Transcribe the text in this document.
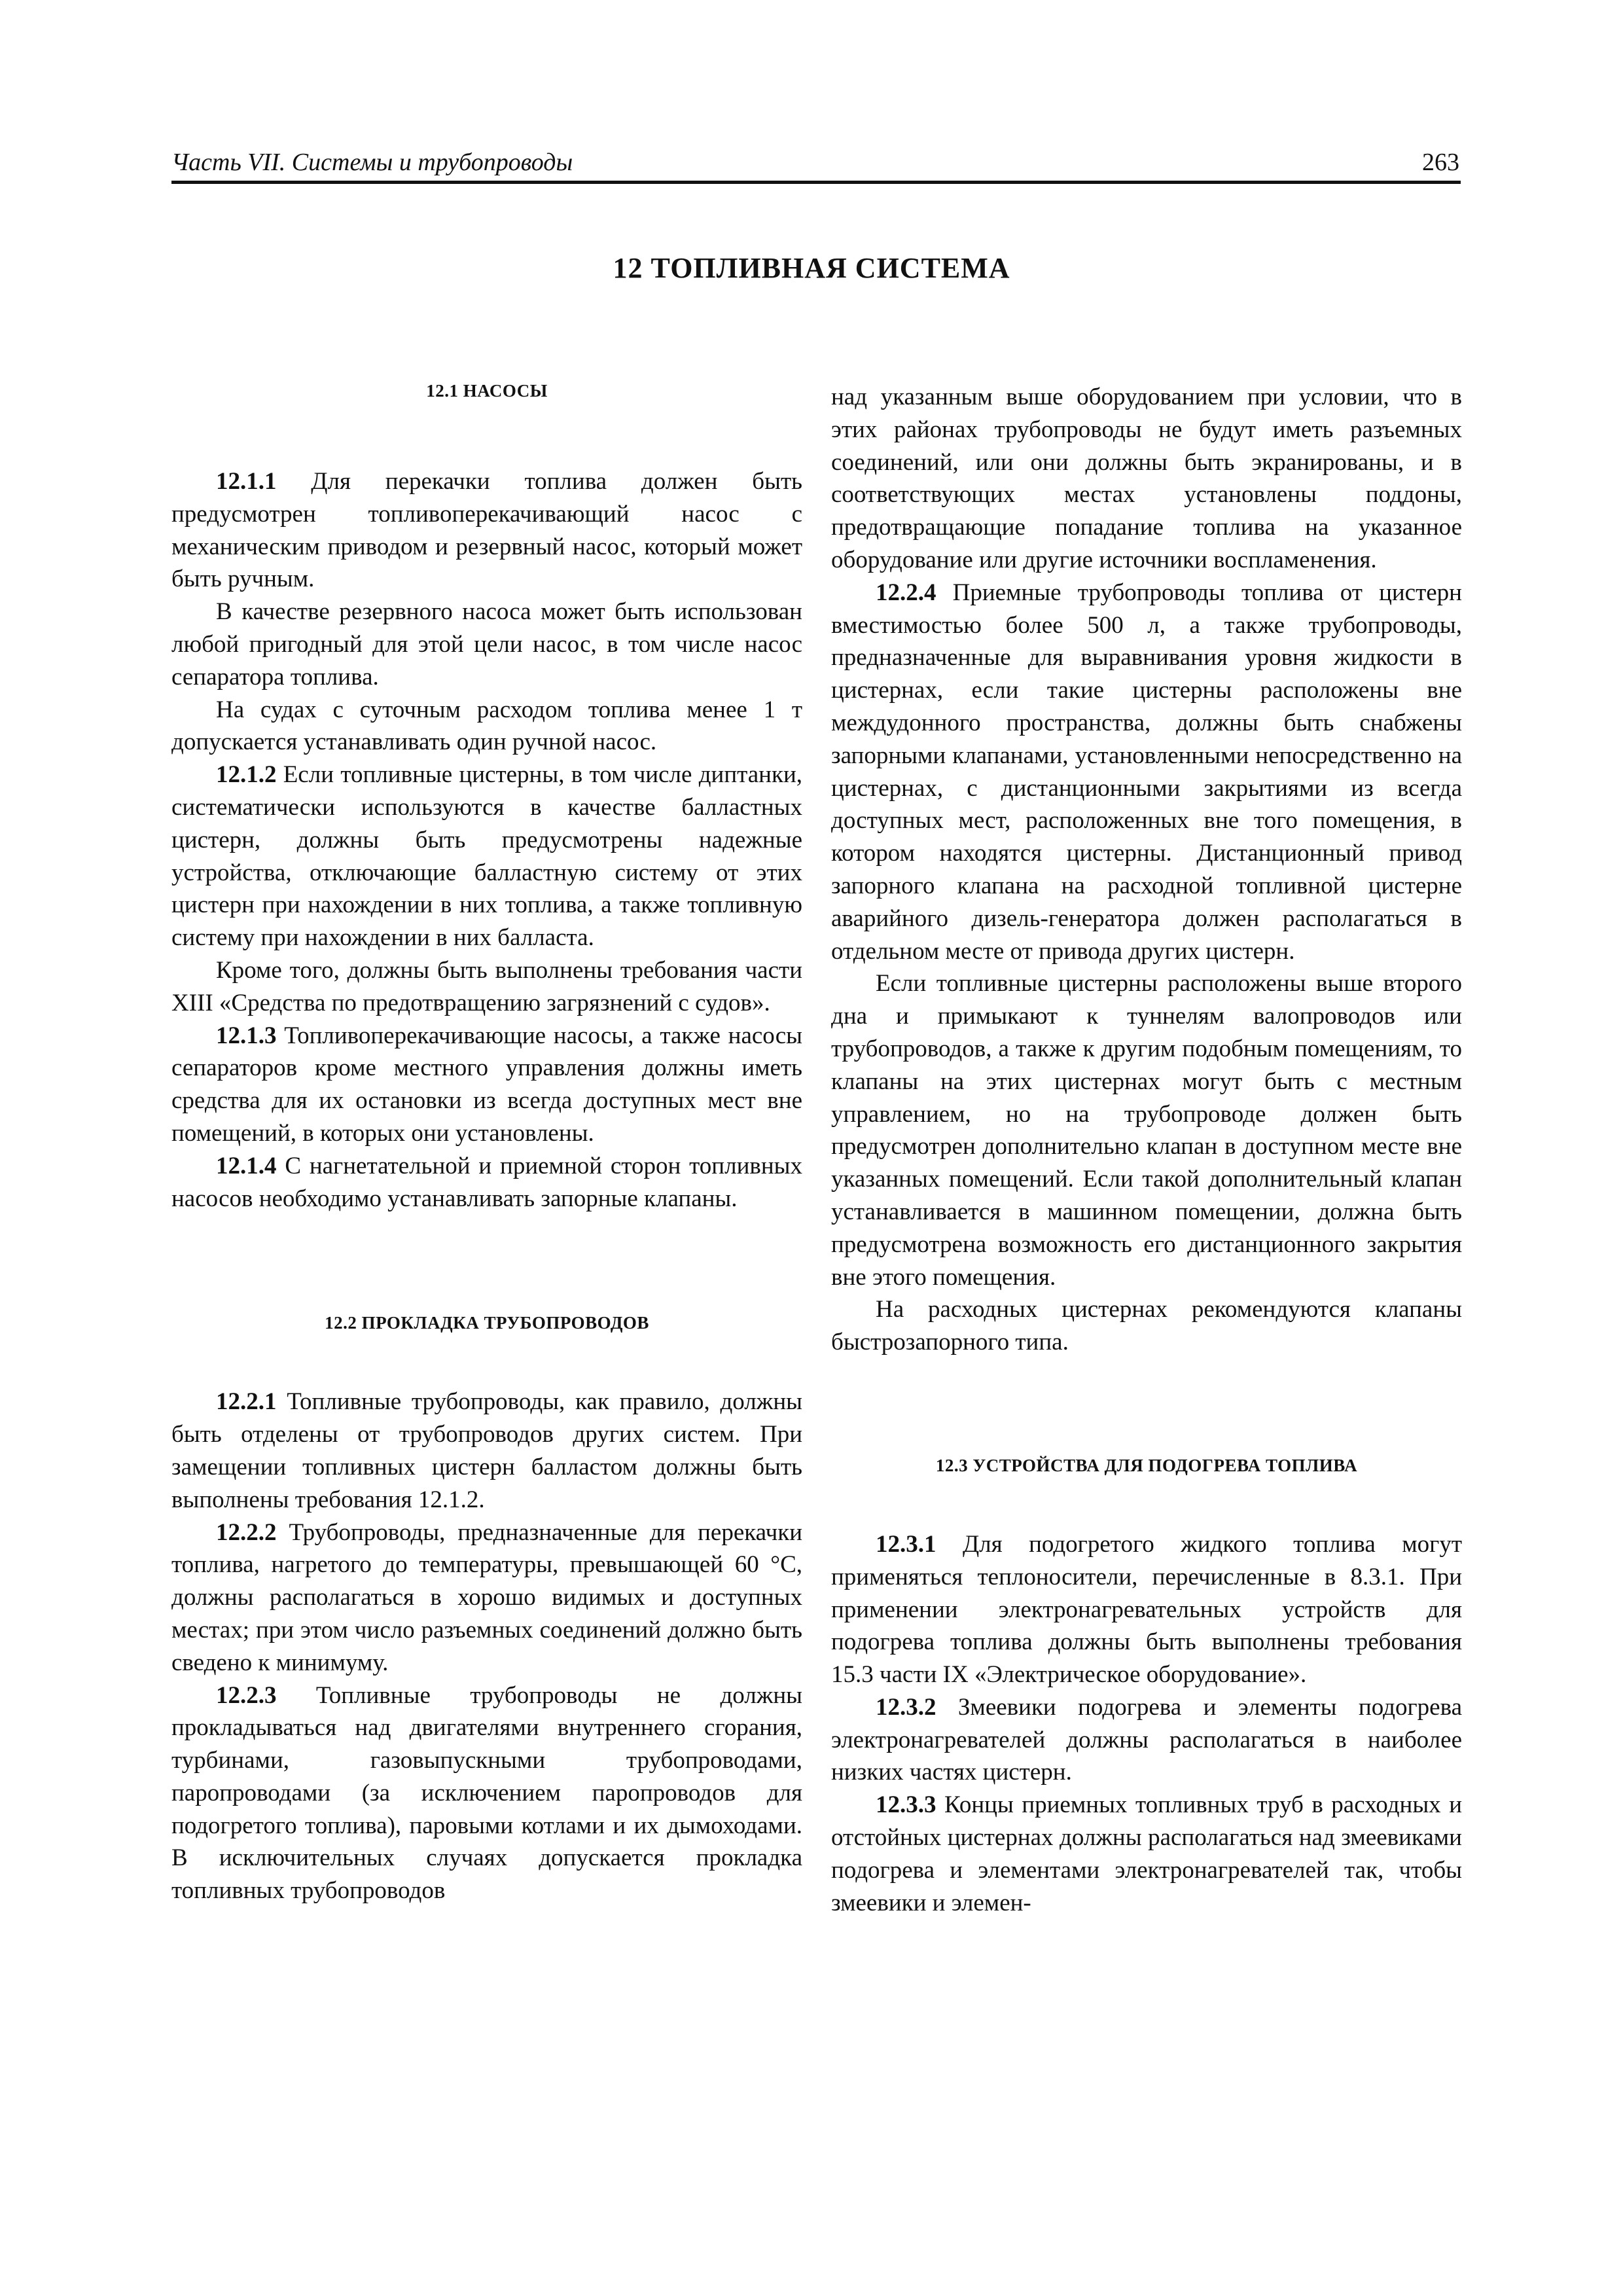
Часть VII. Системы и трубопроводы	263
12 ТОПЛИВНАЯ СИСТЕМА
12.1 НАСОСЫ

12.1.1 Для перекачки топлива должен быть предусмотрен топливоперекачивающий насос с механическим приводом и резервный насос, который может быть ручным.

В качестве резервного насоса может быть использован любой пригодный для этой цели насос, в том числе насос сепаратора топлива.

На судах с суточным расходом топлива менее 1 т допускается устанавливать один ручной насос.

12.1.2 Если топливные цистерны, в том числе диптанки, систематически используются в качестве балластных цистерн, должны быть предусмотрены надежные устройства, отключающие балластную систему от этих цистерн при нахождении в них топлива, а также топливную систему при нахождении в них балласта.

Кроме того, должны быть выполнены требования части XIII «Средства по предотвращению загрязнений с судов».

12.1.3 Топливоперекачивающие насосы, а также насосы сепараторов кроме местного управления должны иметь средства для их остановки из всегда доступных мест вне помещений, в которых они установлены.

12.1.4 С нагнетательной и приемной сторон топливных насосов необходимо устанавливать запорные клапаны.

12.2 ПРОКЛАДКА ТРУБОПРОВОДОВ

12.2.1 Топливные трубопроводы, как правило, должны быть отделены от трубопроводов других систем. При замещении топливных цистерн балластом должны быть выполнены требования 12.1.2.

12.2.2 Трубопроводы, предназначенные для перекачки топлива, нагретого до температуры, превышающей 60 °C, должны располагаться в хорошо видимых и доступных местах; при этом число разъемных соединений должно быть сведено к минимуму.

12.2.3 Топливные трубопроводы не должны прокладываться над двигателями внутреннего сгорания, турбинами, газовыпускными трубопроводами, паропроводами (за исключением паропроводов для подогретого топлива), паровыми котлами и их дымоходами. В исключительных случаях допускается прокладка топливных трубопроводов

над указанным выше оборудованием при условии, что в этих районах трубопроводы не будут иметь разъемных соединений, или они должны быть экранированы, и в соответствующих местах установлены поддоны, предотвращающие попадание топлива на указанное оборудование или другие источники воспламенения.

12.2.4 Приемные трубопроводы топлива от цистерн вместимостью более 500 л, а также трубопроводы, предназначенные для выравнивания уровня жидкости в цистернах, если такие цистерны расположены вне междудонного пространства, должны быть снабжены запорными клапанами, установленными непосредственно на цистернах, с дистанционными закрытиями из всегда доступных мест, расположенных вне того помещения, в котором находятся цистерны. Дистанционный привод запорного клапана на расходной топливной цистерне аварийного дизель-генератора должен располагаться в отдельном месте от привода других цистерн.

Если топливные цистерны расположены выше второго дна и примыкают к туннелям валопроводов или трубопроводов, а также к другим подобным помещениям, то клапаны на этих цистернах могут быть с местным управлением, но на трубопроводе должен быть предусмотрен дополнительно клапан в доступном месте вне указанных помещений. Если такой дополнительный клапан устанавливается в машинном помещении, должна быть предусмотрена возможность его дистанционного закрытия вне этого помещения.

На расходных цистернах рекомендуются клапаны быстрозапорного типа.

12.3 УСТРОЙСТВА ДЛЯ ПОДОГРЕВА ТОПЛИВА

12.3.1 Для подогретого жидкого топлива могут применяться теплоносители, перечисленные в 8.3.1. При применении электронагревательных устройств для подогрева топлива должны быть выполнены требования 15.3 части IX «Электрическое оборудование».

12.3.2 Змеевики подогрева и элементы подогрева электронагревателей должны располагаться в наиболее низких частях цистерн.

12.3.3 Концы приемных топливных труб в расходных и отстойных цистернах должны располагаться над змеевиками подогрева и элементами электронагревателей так, чтобы змеевики и элемен-
